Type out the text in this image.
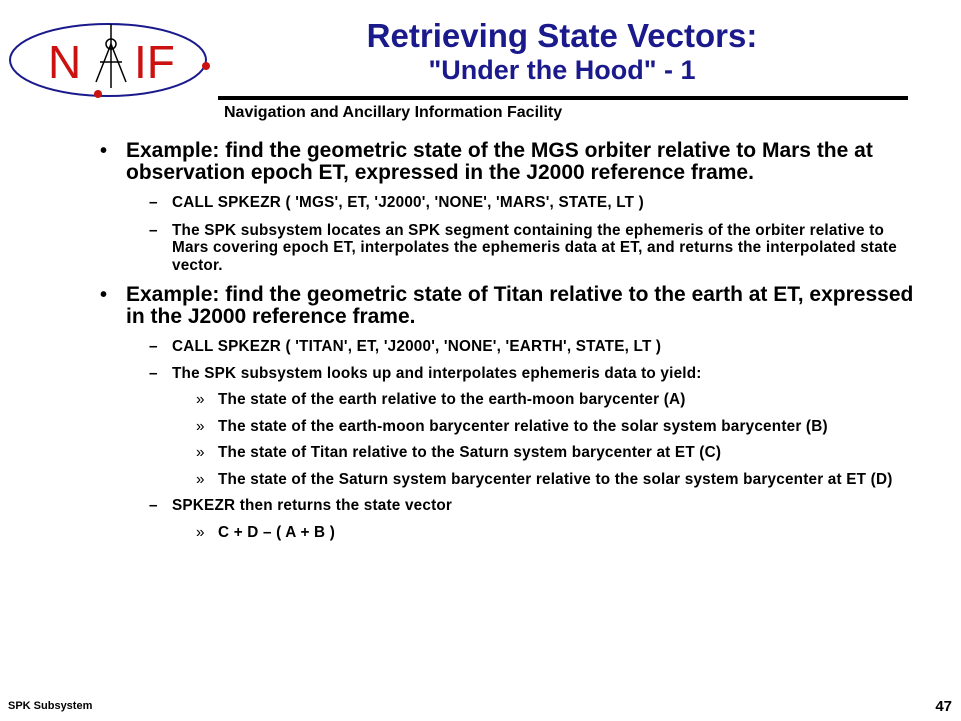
N IF
Retrieving State Vectors:
"Under the Hood" - 1
Navigation and Ancillary Information Facility
• Example: find the geometric state of the MGS orbiter relative to Mars the at observation epoch ET, expressed in the J2000 reference frame.
– CALL SPKEZR ( 'MGS', ET, 'J2000', 'NONE', 'MARS', STATE, LT )
– The SPK subsystem locates an SPK segment containing the ephemeris of the orbiter relative to Mars covering epoch ET, interpolates the ephemeris data at ET, and returns the interpolated state vector.
• Example: find the geometric state of Titan relative to the earth at ET, expressed in the J2000 reference frame.
– CALL SPKEZR ( 'TITAN', ET, 'J2000', 'NONE', 'EARTH', STATE, LT )
– The SPK subsystem looks up and interpolates ephemeris data to yield:
» The state of the earth relative to the earth-moon barycenter (A)
» The state of the earth-moon barycenter relative to the solar system barycenter (B)
» The state of Titan relative to the Saturn system barycenter at ET (C)
» The state of the Saturn system barycenter relative to the solar system barycenter at ET (D)
– SPKEZR then returns the state vector
» C + D – ( A + B )
SPK Subsystem	47
